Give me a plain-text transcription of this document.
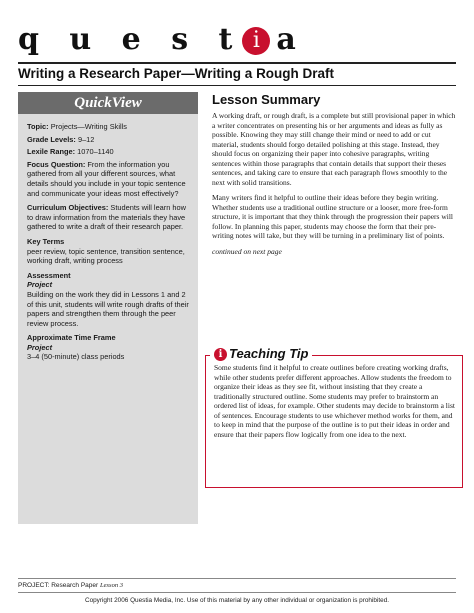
q u e s t i a
Writing a Research Paper—Writing a Rough Draft
QuickView

Topic: Projects—Writing Skills

Grade Levels: 9–12

Lexile Range: 1070–1140

Focus Question: From the information you gathered from all your different sources, what details should you include in your topic sentence and communicate your ideas most effectively?

Curriculum Objectives: Students will learn how to draw information from the materials they have gathered to write a draft of their research paper.

Key Terms
peer review, topic sentence, transition sentence, working draft, writing process

Assessment
Project
Building on the work they did in Lessons 1 and 2 of this unit, students will write rough drafts of their papers and strengthen them through the peer review process.

Approximate Time Frame
Project
3–4 (50-minute) class periods

Lesson Summary

A working draft, or rough draft, is a complete but still provisional paper in which a writer concentrates on presenting his or her arguments and ideas as fully as possible. Knowing they may still change their mind or need to add or cut material, students should forgo detailed polishing at this stage. Instead, they should focus on organizing their paper into cohesive paragraphs, writing sentences within those paragraphs that contain details that support their theses sentences, and taking care to ensure that each paragraph flows smoothly to the next with solid transitions.

Many writers find it helpful to outline their ideas before they begin writing. Whether students use a traditional outline structure or a looser, more free-form structure, it is important that they think through the progression their papers will follow. In planning this paper, students may choose the form that their pre-writing notes will take, but they will be turning in a preliminary list of points.

continued on next page

i Teaching Tip
Some students find it helpful to create outlines before creating working drafts, while other students prefer different approaches. Allow students the freedom to organize their ideas as they see fit, without insisting that they create a traditionally structured outline. Some students may prefer to brainstorm an ordered list of ideas, for example. Other students may decide to brainstorm a list of sentences. Encourage students to use whichever method works for them, and to keep in mind that the purpose of the outline is to put their ideas in order and ensure that their papers flow logically from one idea to the next.
PROJECT: Research Paper Lesson 3
Copyright 2006 Questia Media, Inc. Use of this material by any other individual or organization is prohibited.
